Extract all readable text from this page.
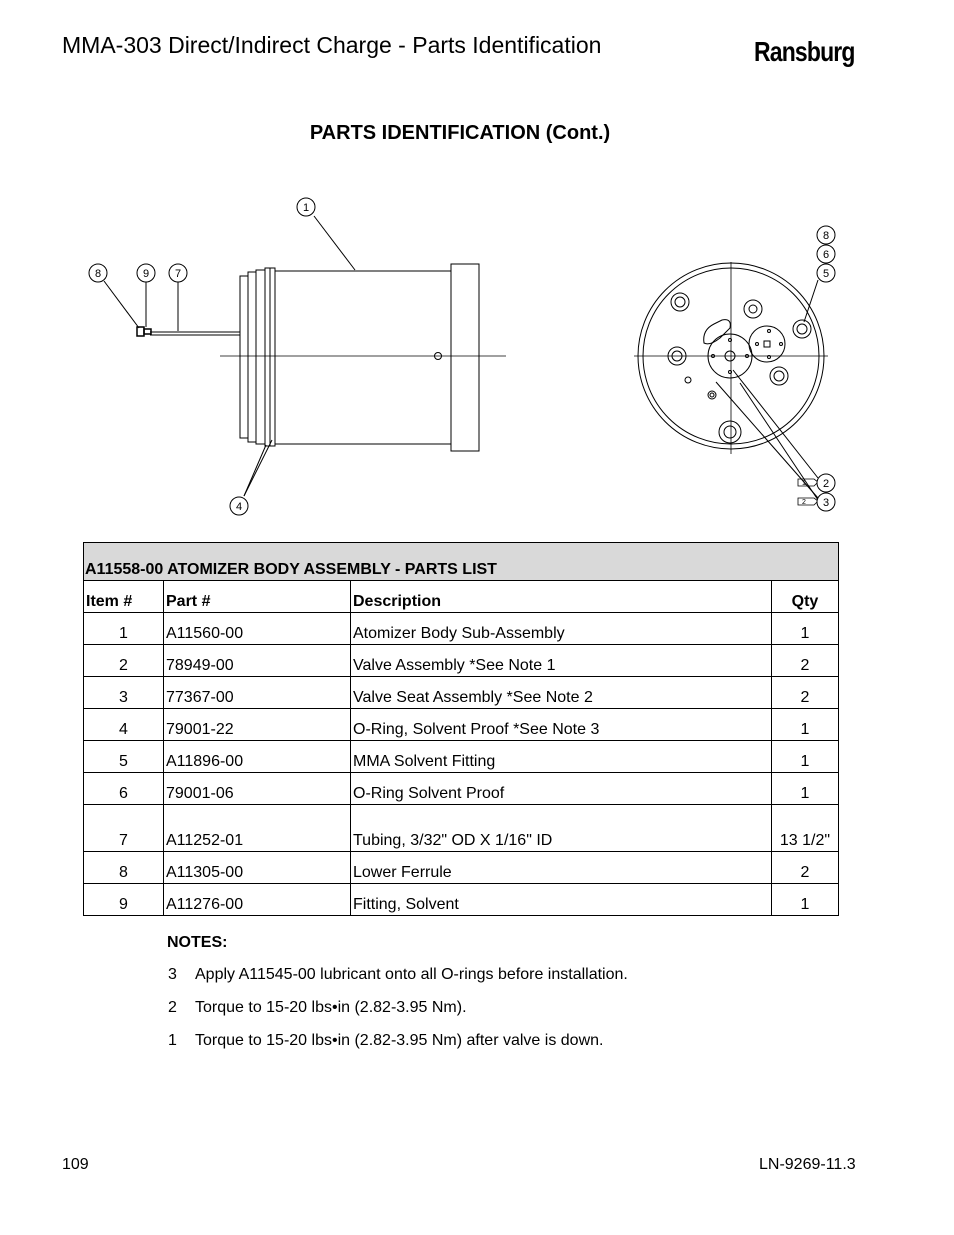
MMA-303 Direct/Indirect Charge - Parts Identification	Ransburg
PARTS IDENTIFICATION (Cont.)
1
8	9 7
4
8
6
5
2
3
1
2
A11558-00 ATOMIZER BODY ASSEMBLY - PARTS LIST			
Item #	Part #	Description	Qty
1	A11560-00	Atomizer Body Sub-Assembly	1
2	78949-00	Valve Assembly *See Note 1	2
3	77367-00	Valve Seat Assembly *See Note 2	2
4	79001-22	O-Ring, Solvent Proof *See Note 3	1
5	A11896-00	MMA Solvent Fitting	1
6	79001-06	O-Ring Solvent Proof	1
7	A11252-01	Tubing, 3/32" OD X 1/16" ID	13 1/2"
8	A11305-00	Lower Ferrule	2
9	A11276-00	Fitting, Solvent	1
NOTES:
3 Apply A11545-00 lubricant onto all O-rings before installation.
2 Torque to 15-20 lbs•in (2.82-3.95 Nm).
1 Torque to 15-20 lbs•in (2.82-3.95 Nm) after valve is down.
109	LN-9269-11.3
